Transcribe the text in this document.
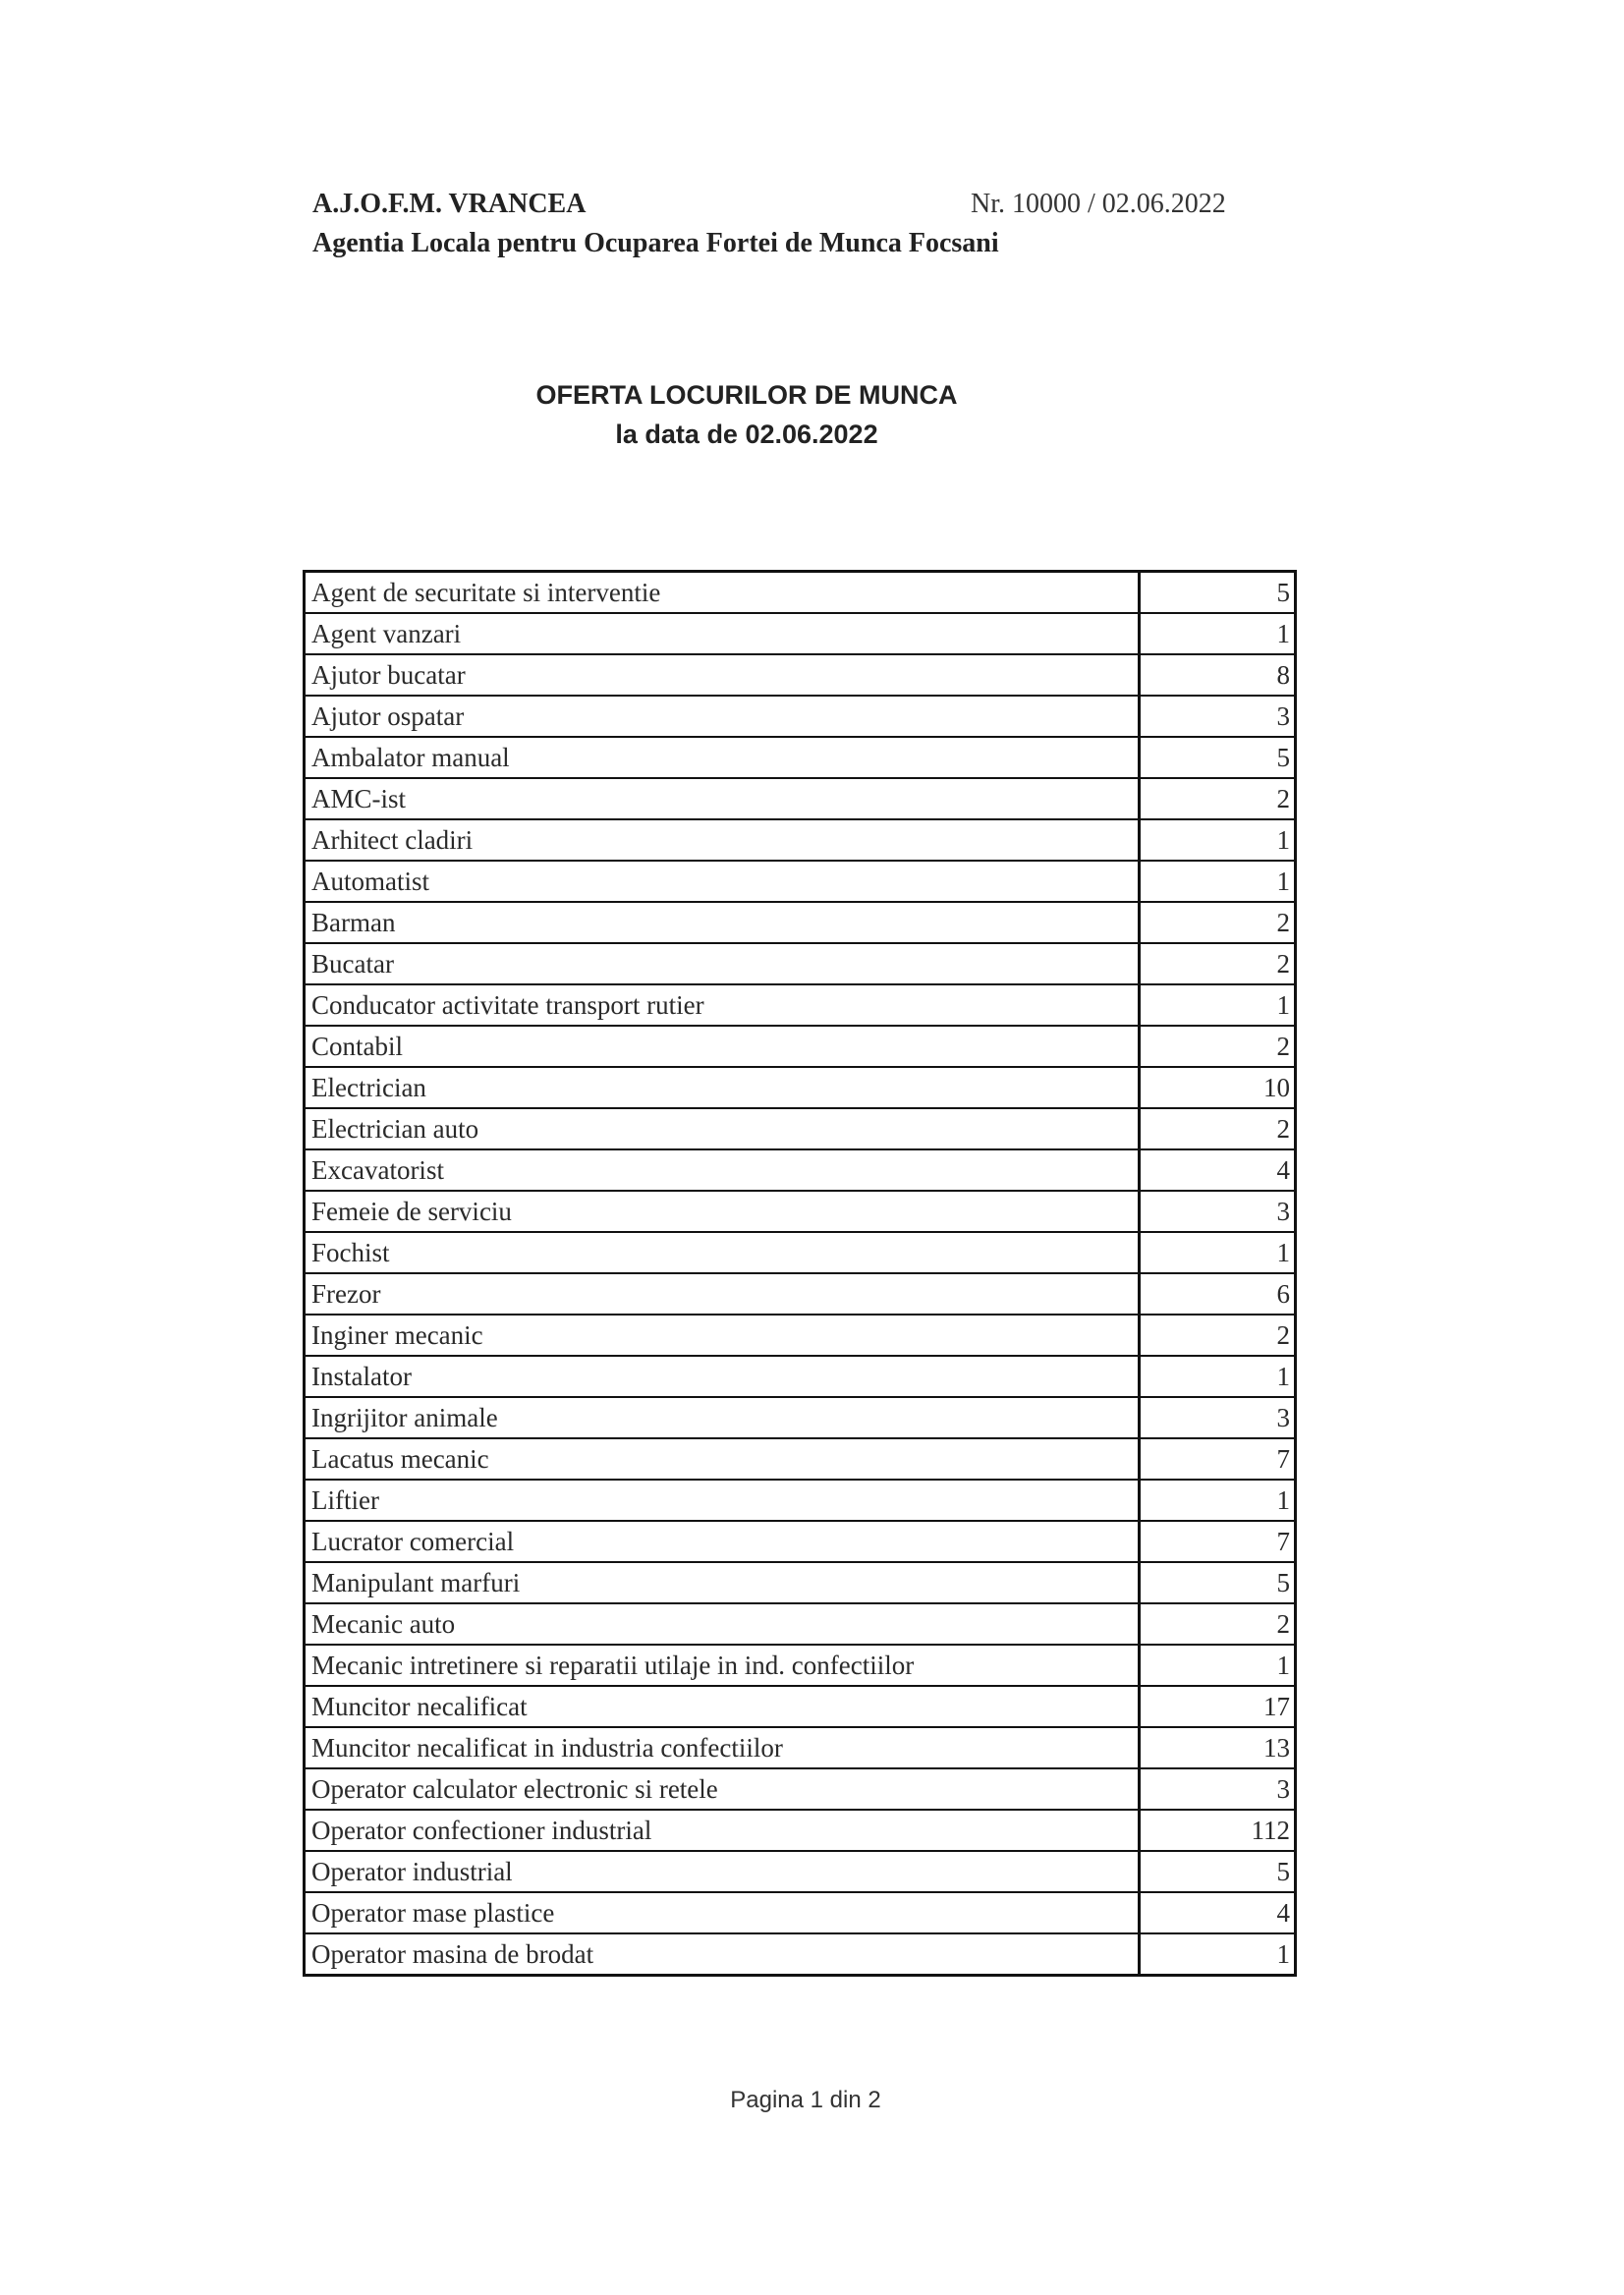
A.J.O.F.M. VRANCEA
Agentia Locala pentru Ocuparea Fortei de Munca Focsani
Nr. 10000 / 02.06.2022
OFERTA LOCURILOR DE MUNCA
la data de 02.06.2022
Agent de securitate si interventie	5
Agent vanzari	1
Ajutor bucatar	8
Ajutor ospatar	3
Ambalator manual	5
AMC-ist	2
Arhitect cladiri	1
Automatist	1
Barman	2
Bucatar	2
Conducator activitate transport rutier	1
Contabil	2
Electrician	10
Electrician auto	2
Excavatorist	4
Femeie de serviciu	3
Fochist	1
Frezor	6
Inginer mecanic	2
Instalator	1
Ingrijitor animale	3
Lacatus mecanic	7
Liftier	1
Lucrator comercial	7
Manipulant marfuri	5
Mecanic auto	2
Mecanic intretinere si reparatii utilaje in ind. confectiilor	1
Muncitor necalificat	17
Muncitor necalificat in industria confectiilor	13
Operator calculator electronic si retele	3
Operator confectioner industrial	112
Operator industrial	5
Operator mase plastice	4
Operator masina de brodat	1
Pagina 1 din 2
